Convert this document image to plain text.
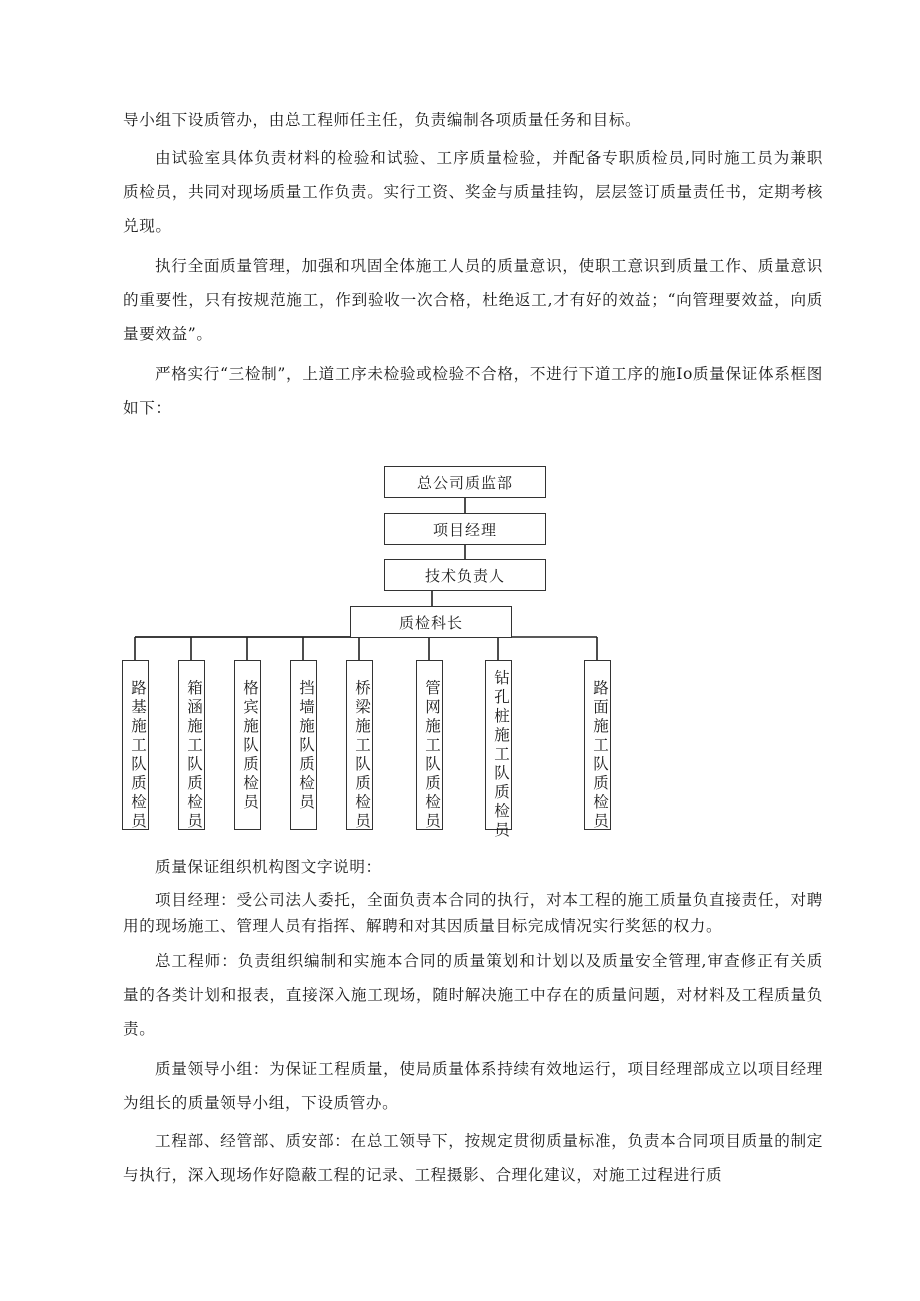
导小组下设质管办，由总工程师任主任，负责编制各项质量任务和目标。

由试验室具体负责材料的检验和试验、工序质量检验，并配备专职质检员,同时施工员为兼职质检员，共同对现场质量工作负责。实行工资、奖金与质量挂钩，层层签订质量责任书，定期考核兑现。

执行全面质量管理，加强和巩固全体施工人员的质量意识，使职工意识到质量工作、质量意识的重要性，只有按规范施工，作到验收一次合格，杜绝返工,才有好的效益；“向管理要效益，向质量要效益”。

严格实行“三检制”，上道工序未检验或检验不合格，不进行下道工序的施Io质量保证体系框图如下：

总公司质监部
项目经理
技术负责人
质检科长
路基施工队质检员
箱涵施工队质检员
格宾施队质检员
挡墙施队质检员
桥梁施工队质检员
管网施工队质检员
钻孔桩施工队质检员
路面施工队质检员

质量保证组织机构图文字说明：

项目经理：受公司法人委托，全面负责本合同的执行，对本工程的施工质量负直接责任，对聘用的现场施工、管理人员有指挥、解聘和对其因质量目标完成情况实行奖惩的权力。

总工程师：负责组织编制和实施本合同的质量策划和计划以及质量安全管理,审查修正有关质量的各类计划和报表，直接深入施工现场，随时解决施工中存在的质量问题，对材料及工程质量负责。

质量领导小组：为保证工程质量，使局质量体系持续有效地运行，项目经理部成立以项目经理为组长的质量领导小组，下设质管办。

工程部、经管部、质安部：在总工领导下，按规定贯彻质量标准，负责本合同项目质量的制定与执行，深入现场作好隐蔽工程的记录、工程摄影、合理化建议，对施工过程进行质
